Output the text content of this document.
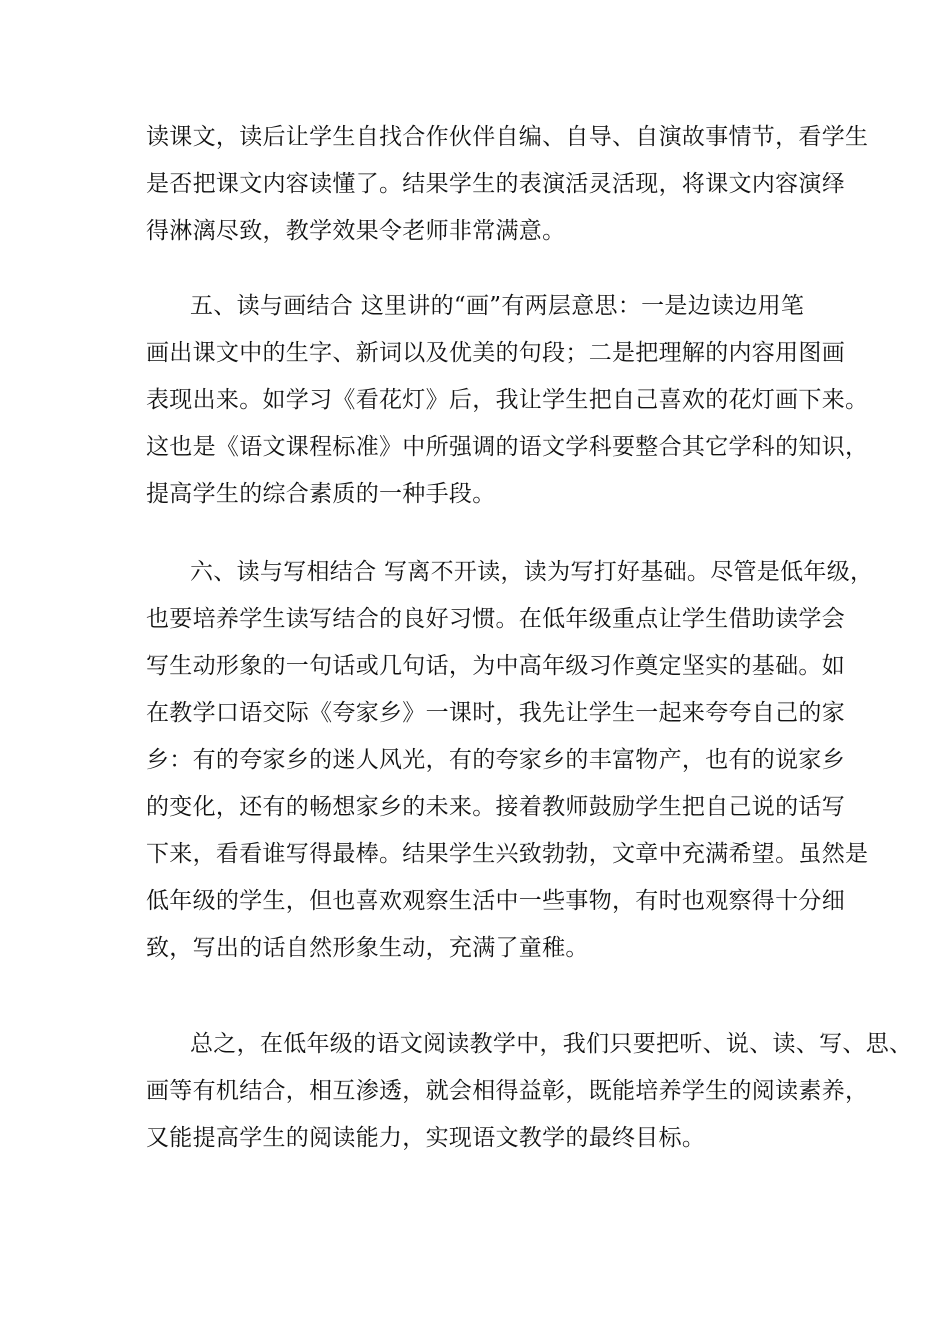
读课文，读后让学生自找合作伙伴自编、自导、自演故事情节，看学生
是否把课文内容读懂了。结果学生的表演活灵活现，将课文内容演绎
得淋漓尽致，教学效果令老师非常满意。
五、读与画结合 这里讲的“画”有两层意思：一是边读边用笔
画出课文中的生字、新词以及优美的句段；二是把理解的内容用图画
表现出来。如学习《看花灯》后，我让学生把自己喜欢的花灯画下来。
这也是《语文课程标准》中所强调的语文学科要整合其它学科的知识，
提高学生的综合素质的一种手段。
六、读与写相结合 写离不开读，读为写打好基础。尽管是低年级，
也要培养学生读写结合的良好习惯。在低年级重点让学生借助读学会
写生动形象的一句话或几句话，为中高年级习作奠定坚实的基础。如
在教学口语交际《夸家乡》一课时，我先让学生一起来夸夸自己的家
乡：有的夸家乡的迷人风光，有的夸家乡的丰富物产，也有的说家乡
的变化，还有的畅想家乡的未来。接着教师鼓励学生把自己说的话写
下来，看看谁写得最棒。结果学生兴致勃勃，文章中充满希望。虽然是
低年级的学生，但也喜欢观察生活中一些事物，有时也观察得十分细
致，写出的话自然形象生动，充满了童稚。
总之，在低年级的语文阅读教学中，我们只要把听、说、读、写、思、
画等有机结合，相互渗透，就会相得益彰，既能培养学生的阅读素养，
又能提高学生的阅读能力，实现语文教学的最终目标。
